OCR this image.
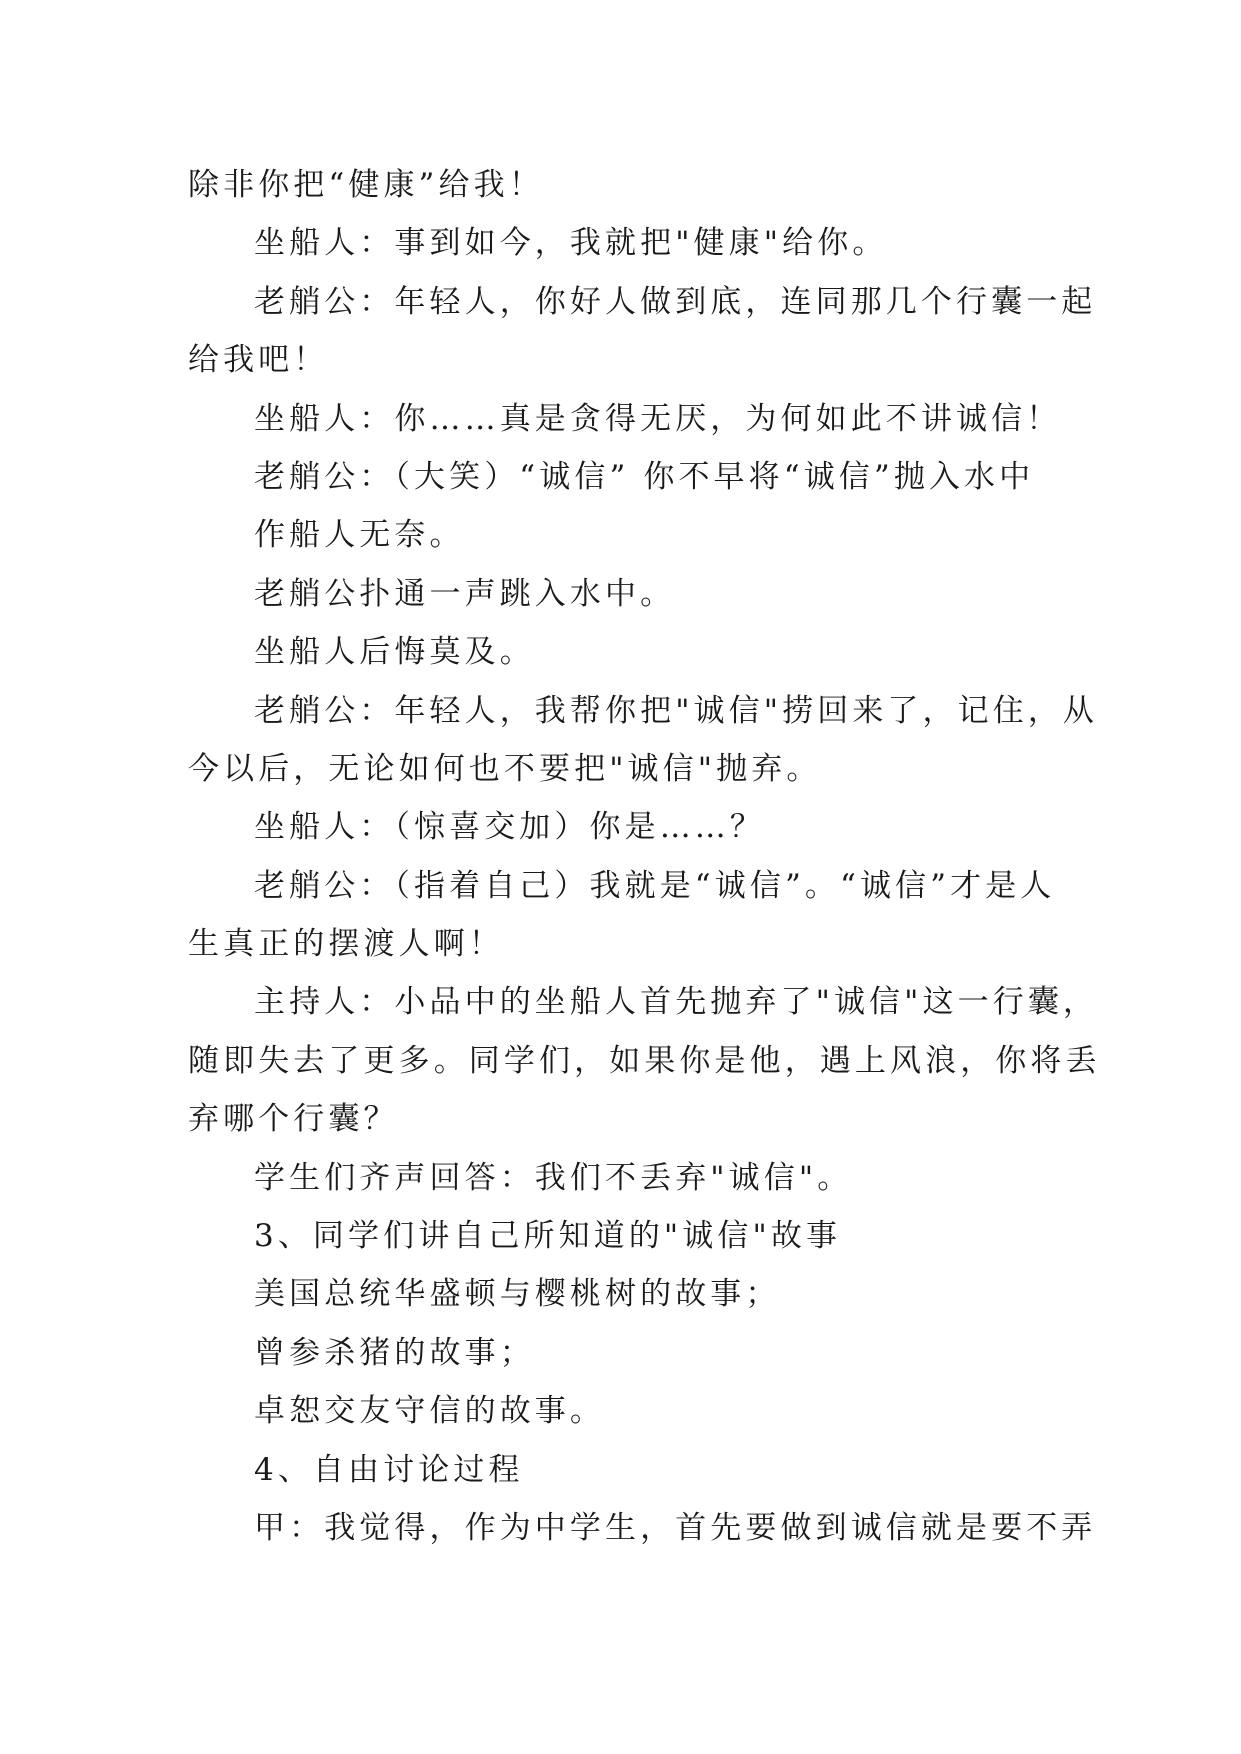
除非你把“健康”给我！

坐船人：事到如今，我就把"健康"给你。

老艄公：年轻人，你好人做到底，连同那几个行囊一起

给我吧！

坐船人：你……真是贪得无厌，为何如此不讲诚信！

老艄公：（大笑）“诚信” 你不早将“诚信”抛入水中

作船人无奈。

老艄公扑通一声跳入水中。

坐船人后悔莫及。

老艄公：年轻人，我帮你把"诚信"捞回来了，记住，从

今以后，无论如何也不要把"诚信"抛弃。

坐船人：（惊喜交加）你是……？

老艄公：（指着自己）我就是“诚信”。“诚信”才是人

生真正的摆渡人啊！

主持人：小品中的坐船人首先抛弃了"诚信"这一行囊，

随即失去了更多。同学们，如果你是他，遇上风浪，你将丢

弃哪个行囊？

学生们齐声回答：我们不丢弃"诚信"。

3、同学们讲自己所知道的"诚信"故事

美国总统华盛顿与樱桃树的故事；

曾参杀猪的故事；

卓恕交友守信的故事。

4、自由讨论过程

甲：我觉得，作为中学生，首先要做到诚信就是要不弄
